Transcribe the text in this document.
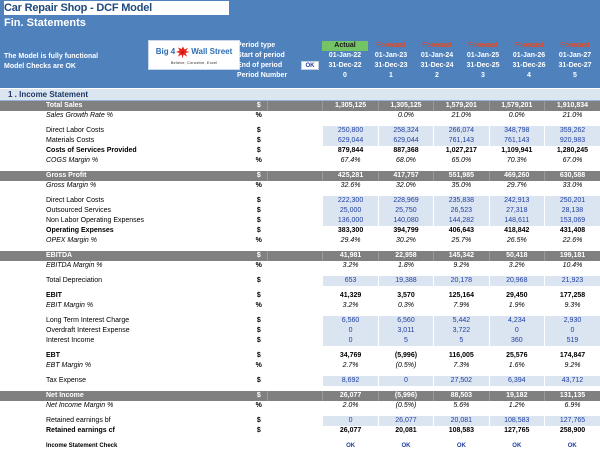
Car Repair Shop - DCF Model
Fin. Statements
The Model is fully functional
Model Checks are OK
Big 4 Wall Street
Believe, Conceive, Excel
Period type
Start of period
End of period
Period Number
OK
Actual	Forecast	Forecast	Forecast	Forecast	Forecast
01-Jan-22	01-Jan-23	01-Jan-24	01-Jan-25	01-Jan-26	01-Jan-27
31-Dec-22	31-Dec-23	31-Dec-24	31-Dec-25	31-Dec-26	31-Dec-27
0	1	2	3	4	5
1 . Income Statement
Total Sales	$		1,305,125	1,305,125	1,579,201	1,579,201	1,910,834
Sales Growth Rate %	%			0.0%	21.0%	0.0%	21.0%

Direct Labor Costs	$		250,800	258,324	266,074	348,798	359,262
Materials Costs	$		629,044	629,044	761,143	761,143	920,983
Costs of Services Provided	$		879,844	887,368	1,027,217	1,109,941	1,280,245
COGS Margin %	%		67.4%	68.0%	65.0%	70.3%	67.0%

Gross Profit	$		425,281	417,757	551,985	469,260	630,588
Gross Margin %	%		32.6%	32.0%	35.0%	29.7%	33.0%

Direct Labor Costs	$		222,300	228,969	235,838	242,913	250,201
Outsourced Services	$		25,000	25,750	26,523	27,318	28,138
Non Labor Operating Expenses	$		136,000	140,080	144,282	148,611	153,069
Operating Expenses	$		383,300	394,799	406,643	418,842	431,408
OPEX Margin %	%		29.4%	30.2%	25.7%	26.5%	22.6%

EBITDA	$		41,981	22,958	145,342	50,418	199,181
EBITDA Margin %	%		3.2%	1.8%	9.2%	3.2%	10.4%

Total Depreciation	$		653	19,388	20,178	20,968	21,923

EBIT	$		41,329	3,570	125,164	29,450	177,258
EBIT Margin %	%		3.2%	0.3%	7.9%	1.9%	9.3%

Long Term Interest Charge	$		6,560	6,560	5,442	4,234	2,930
Overdraft Interest Expense	$		0	3,011	3,722	0	0
Interest Income	$		0	5	5	360	519

EBT	$		34,769	(5,996)	116,005	25,576	174,847
EBT Margin %	%		2.7%	(0.5%)	7.3%	1.6%	9.2%

Tax Expense	$		8,692	0	27,502	6,394	43,712

Net Income	$		26,077	(5,996)	88,503	19,182	131,135
Net Income Margin %	%		2.0%	(0.5%)	5.6%	1.2%	6.9%

Retained earnings bf	$		0	26,077	20,081	108,583	127,765
Retained earnings cf	$		26,077	20,081	108,583	127,765	258,900

Income Statement Check			OK	OK	OK	OK	OK
